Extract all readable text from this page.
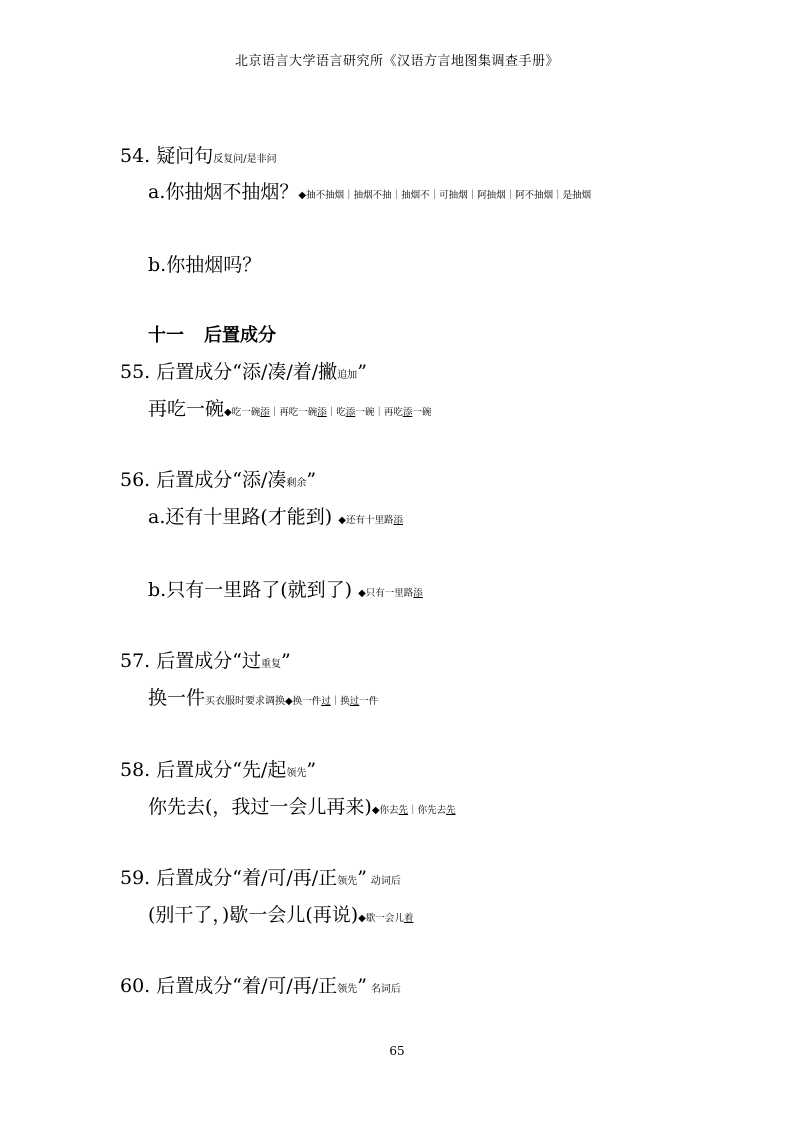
北京语言大学语言研究所《汉语方言地图集调查手册》
54. 疑问句反复问/是非问
a.你抽烟不抽烟？◆抽不抽烟｜抽烟不抽｜抽烟不｜可抽烟｜阿抽烟｜阿不抽烟｜是抽烟
b.你抽烟吗？
十一 后置成分
55. 后置成分“添/凑/着/撇追加”
再吃一碗◆吃一碗添｜再吃一碗添｜吃添一碗｜再吃添一碗
56. 后置成分“添/凑剩余”
a.还有十里路(才能到) ◆还有十里路添
b.只有一里路了(就到了) ◆只有一里路添
57. 后置成分“过重复”
换一件买衣服时要求调换◆换一件过｜换过一件
58. 后置成分“先/起领先”
你先去(，我过一会儿再来)◆你去先｜你先去先
59. 后置成分“着/可/再/正领先” 动词后
(别干了，)歇一会儿(再说)◆歇一会儿着
60. 后置成分“着/可/再/正领先” 名词后
65
